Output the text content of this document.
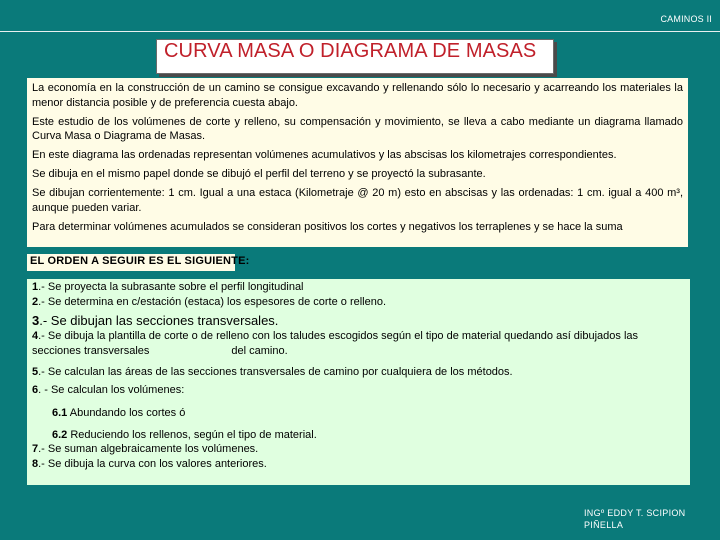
CAMINOS II
CURVA MASA O DIAGRAMA DE MASAS

La economía en la construcción de un camino se consigue excavando y rellenando sólo lo necesario y acarreando los materiales la menor distancia posible y de preferencia cuesta abajo.

Este estudio de los volúmenes de corte y relleno, su compensación y movimiento, se lleva a cabo mediante un diagrama llamado Curva Masa o Diagrama de Masas.

En este diagrama las ordenadas representan volúmenes acumulativos y las abscisas los kilometrajes correspondientes.

Se dibuja en el mismo papel donde se dibujó el perfil del terreno y se proyectó la subrasante.

Se dibujan corrientemente: 1 cm. Igual a una estaca (Kilometraje @ 20 m) esto en abscisas y las ordenadas: 1 cm. igual a 400 m³, aunque pueden variar.

Para determinar volúmenes acumulados se consideran positivos los cortes y negativos los terraplenes y se hace la suma

EL ORDEN A SEGUIR ES EL SIGUIENTE:

1.- Se proyecta la subrasante sobre el perfil longitudinal

2.- Se determina en c/estación (estaca) los espesores de corte o relleno.

3.- Se dibujan las secciones transversales.

4.- Se dibuja la plantilla de corte o de relleno con los taludes escogidos según el tipo de material quedando así dibujados las secciones transversales	del camino.

5.- Se calculan las áreas de las secciones transversales de camino por cualquiera de los métodos.

6. - Se calculan los volúmenes:

6.1 Abundando los cortes ó

6.2 Reduciendo los rellenos, según el tipo de material.

7.- Se suman algebraicamente los volúmenes.

8.- Se dibuja la curva con los valores anteriores.

INGº EDDY T. SCIPION
PIÑELLA
